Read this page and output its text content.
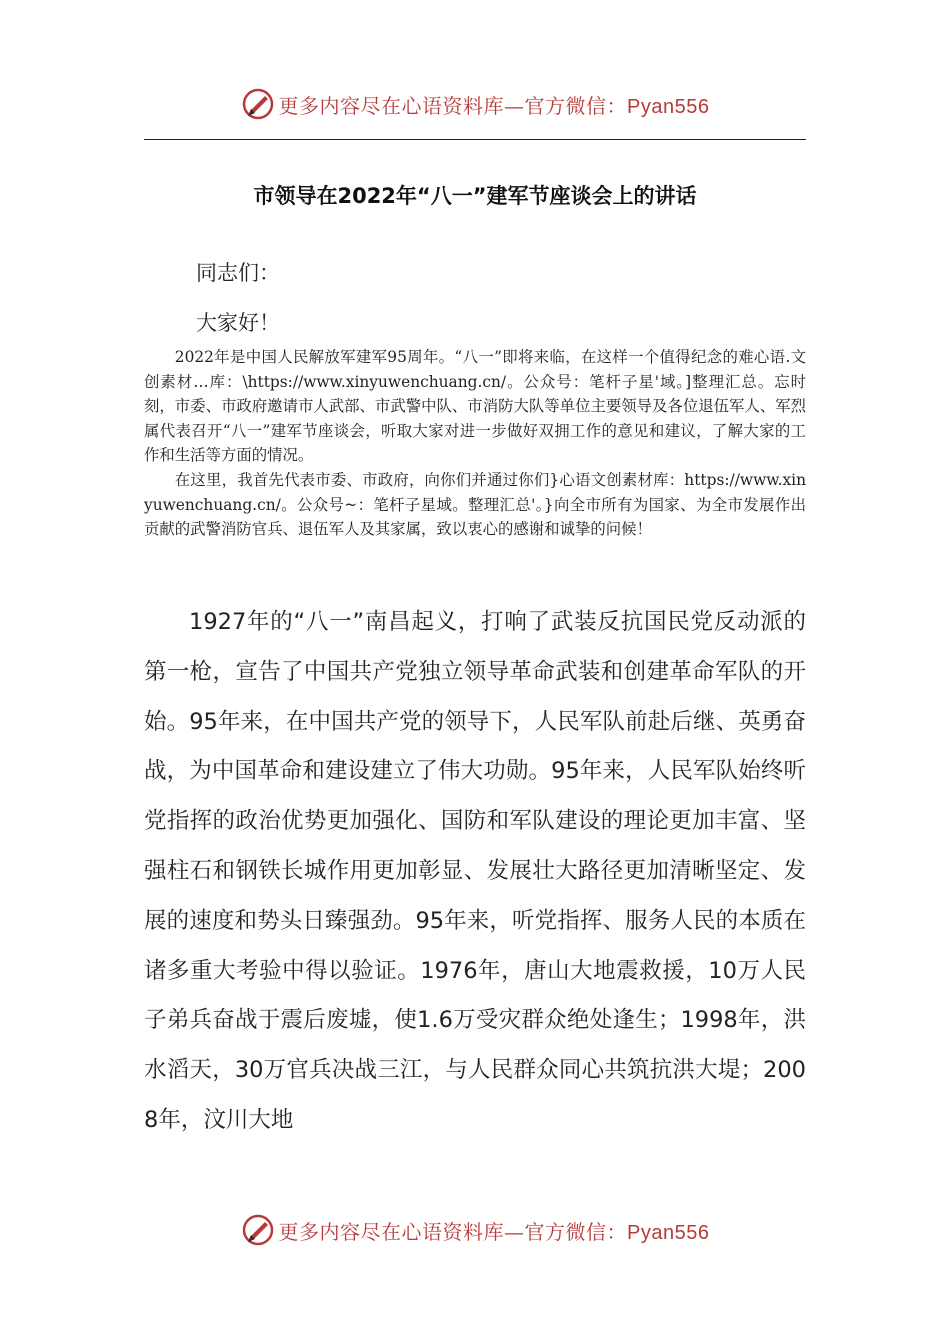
更多内容尽在心语资料库—官方微信：Pyan556
市领导在2022年“八一”建军节座谈会上的讲话
同志们：
大家好！

2022年是中国人民解放军建军95周年。“八一”即将来临，在这样一个值得纪念的难心语.文创素材…库：\https://www.xinyuwenchuang.cn/。公众号：笔杆子星'域。]整理汇总。忘时刻，市委、市政府邀请市人武部、市武警中队、市消防大队等单位主要领导及各位退伍军人、军烈属代表召开“八一”建军节座谈会，听取大家对进一步做好双拥工作的意见和建议，了解大家的工作和生活等方面的情况。

在这里，我首先代表市委、市政府，向你们并通过你们}心语文创素材库：https://www.xinyuwenchuang.cn/。公众号~：笔杆子星域。整理汇总'。}向全市所有为国家、为全市发展作出贡献的武警消防官兵、退伍军人及其家属，致以衷心的感谢和诚挚的问候！

1927年的“八一”南昌起义，打响了武装反抗国民党反动派的第一枪，宣告了中国共产党独立领导革命武装和创建革命军队的开始。95年来，在中国共产党的领导下，人民军队前赴后继、英勇奋战，为中国革命和建设建立了伟大功勋。95年来，人民军队始终听党指挥的政治优势更加强化、国防和军队建设的理论更加丰富、坚强柱石和钢铁长城作用更加彰显、发展壮大路径更加清晰坚定、发展的速度和势头日臻强劲。95年来，听党指挥、服务人民的本质在诸多重大考验中得以验证。1976年，唐山大地震救援，10万人民子弟兵奋战于震后废墟，使1.6万受灾群众绝处逢生；1998年，洪水滔天，30万官兵决战三江，与人民群众同心共筑抗洪大堤；2008年，汶川大地

更多内容尽在心语资料库—官方微信：Pyan556
